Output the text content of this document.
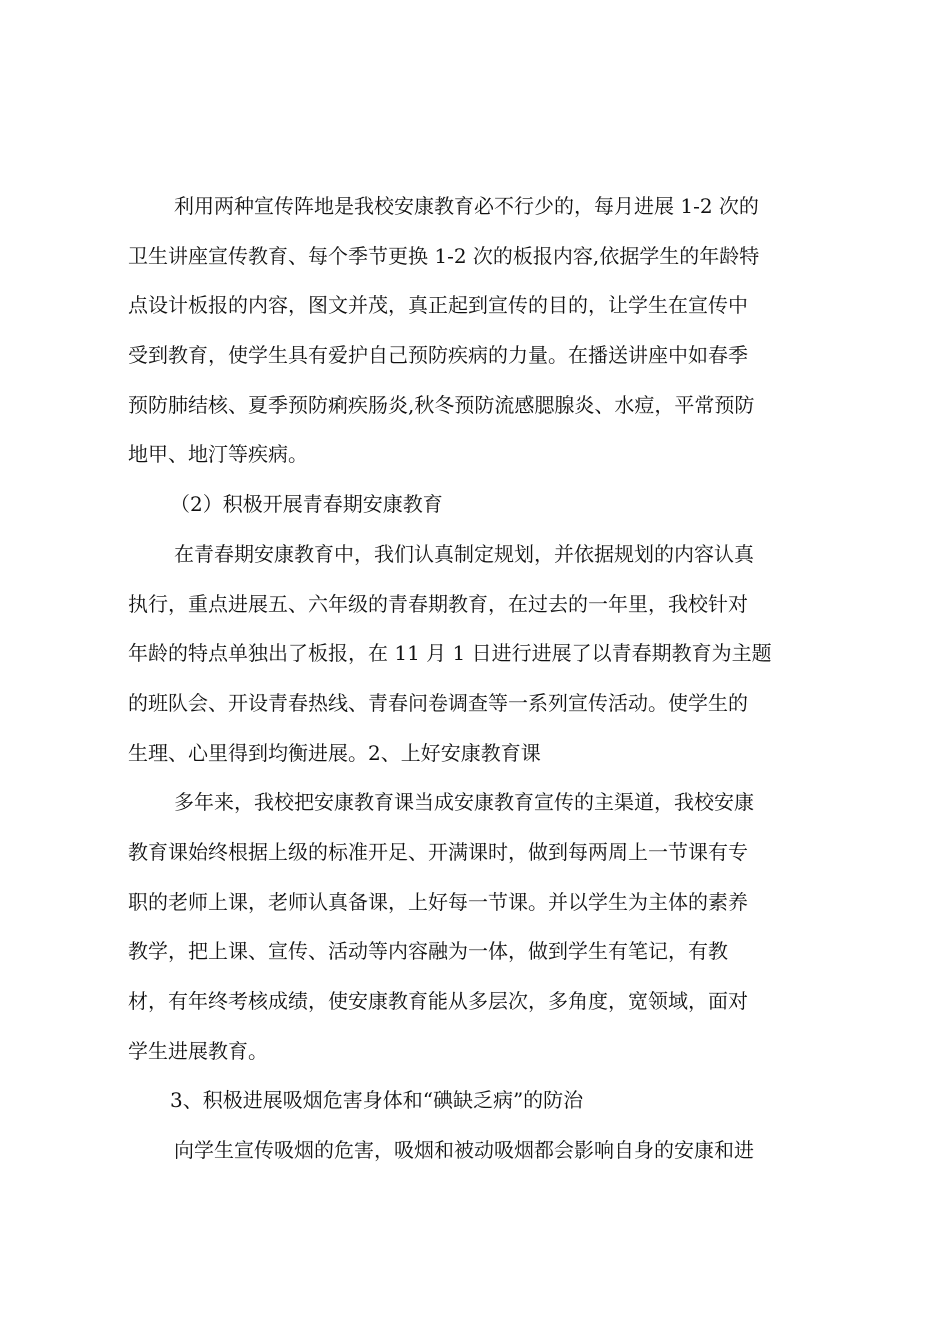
利用两种宣传阵地是我校安康教育必不行少的，每月进展 1-2 次的
卫生讲座宣传教育、每个季节更换 1-2 次的板报内容,依据学生的年龄特
点设计板报的内容，图文并茂，真正起到宣传的目的，让学生在宣传中
受到教育，使学生具有爱护自己预防疾病的力量。在播送讲座中如春季
预防肺结核、夏季预防痢疾肠炎,秋冬预防流感腮腺炎、水痘，平常预防
地甲、地汀等疾病。
（2）积极开展青春期安康教育
在青春期安康教育中，我们认真制定规划，并依据规划的内容认真
执行，重点进展五、六年级的青春期教育，在过去的一年里，我校针对
年龄的特点单独出了板报，在 11 月 1 日进行进展了以青春期教育为主题
的班队会、开设青春热线、青春问卷调查等一系列宣传活动。使学生的
生理、心里得到均衡进展。2、上好安康教育课
多年来，我校把安康教育课当成安康教育宣传的主渠道，我校安康
教育课始终根据上级的标准开足、开满课时，做到每两周上一节课有专
职的老师上课，老师认真备课，上好每一节课。并以学生为主体的素养
教学，把上课、宣传、活动等内容融为一体，做到学生有笔记，有教
材，有年终考核成绩，使安康教育能从多层次，多角度，宽领域，面对
学生进展教育。
3、积极进展吸烟危害身体和“碘缺乏病”的防治
向学生宣传吸烟的危害，吸烟和被动吸烟都会影响自身的安康和进
